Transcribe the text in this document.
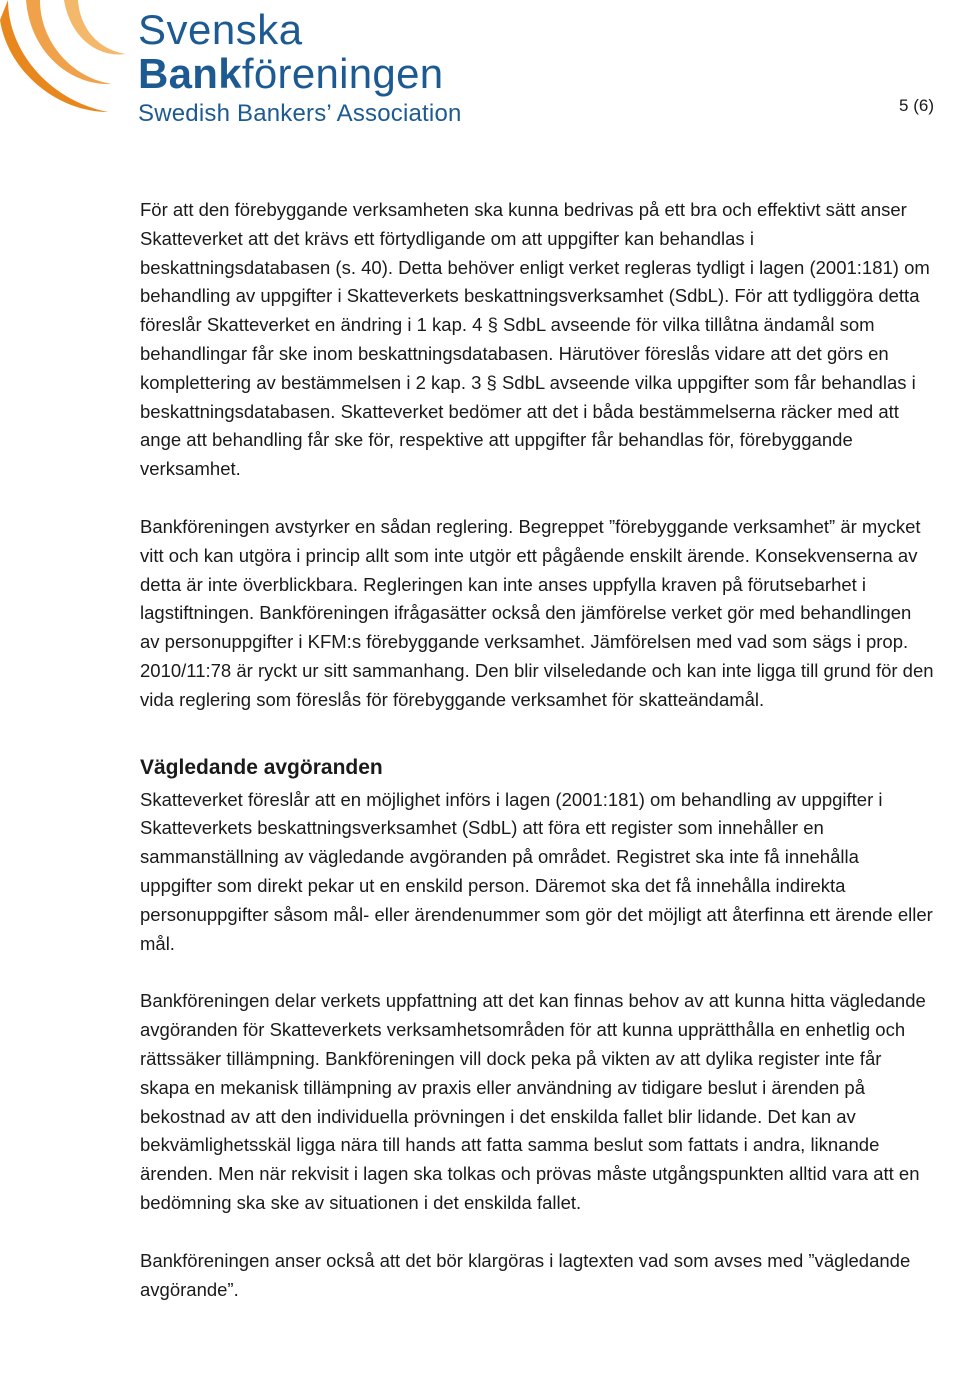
Svenska
Bankföreningen
Swedish Bankers’ Association	5 (6)

För att den förebyggande verksamheten ska kunna bedrivas på ett bra och effektivt sätt anser Skatteverket att det krävs ett förtydligande om att uppgifter kan behandlas i beskattningsdatabasen (s. 40). Detta behöver enligt verket regleras tydligt i lagen (2001:181) om behandling av uppgifter i Skatteverkets beskattningsverksamhet (SdbL). För att tydliggöra detta föreslår Skatteverket en ändring i 1 kap. 4 § SdbL avseende för vilka tillåtna ändamål som behandlingar får ske inom beskattningsdatabasen. Härutöver föreslås vidare att det görs en komplettering av bestämmelsen i 2 kap. 3 § SdbL avseende vilka uppgifter som får behandlas i beskattningsdatabasen. Skatteverket bedömer att det i båda bestämmelserna räcker med att ange att behandling får ske för, respektive att uppgifter får behandlas för, förebyggande verksamhet.

Bankföreningen avstyrker en sådan reglering. Begreppet ”förebyggande verksamhet” är mycket vitt och kan utgöra i princip allt som inte utgör ett pågående enskilt ärende. Konsekvenserna av detta är inte överblickbara. Regleringen kan inte anses uppfylla kraven på förutsebarhet i lagstiftningen. Bankföreningen ifrågasätter också den jämförelse verket gör med behandlingen av personuppgifter i KFM:s förebyggande verksamhet. Jämförelsen med vad som sägs i prop. 2010/11:78 är ryckt ur sitt sammanhang. Den blir vilseledande och kan inte ligga till grund för den vida reglering som föreslås för förebyggande verksamhet för skatteändamål.

Vägledande avgöranden

Skatteverket föreslår att en möjlighet införs i lagen (2001:181) om behandling av uppgifter i Skatteverkets beskattningsverksamhet (SdbL) att föra ett register som innehåller en sammanställning av vägledande avgöranden på området. Registret ska inte få innehålla uppgifter som direkt pekar ut en enskild person. Däremot ska det få innehålla indirekta personuppgifter såsom mål- eller ärendenummer som gör det möjligt att återfinna ett ärende eller mål.

Bankföreningen delar verkets uppfattning att det kan finnas behov av att kunna hitta vägledande avgöranden för Skatteverkets verksamhetsområden för att kunna upprätthålla en enhetlig och rättssäker tillämpning. Bankföreningen vill dock peka på vikten av att dylika register inte får skapa en mekanisk tillämpning av praxis eller användning av tidigare beslut i ärenden på bekostnad av att den individuella prövningen i det enskilda fallet blir lidande. Det kan av bekvämlighetsskäl ligga nära till hands att fatta samma beslut som fattats i andra, liknande ärenden. Men när rekvisit i lagen ska tolkas och prövas måste utgångspunkten alltid vara att en bedömning ska ske av situationen i det enskilda fallet.

Bankföreningen anser också att det bör klargöras i lagtexten vad som avses med ”vägledande avgörande”.
